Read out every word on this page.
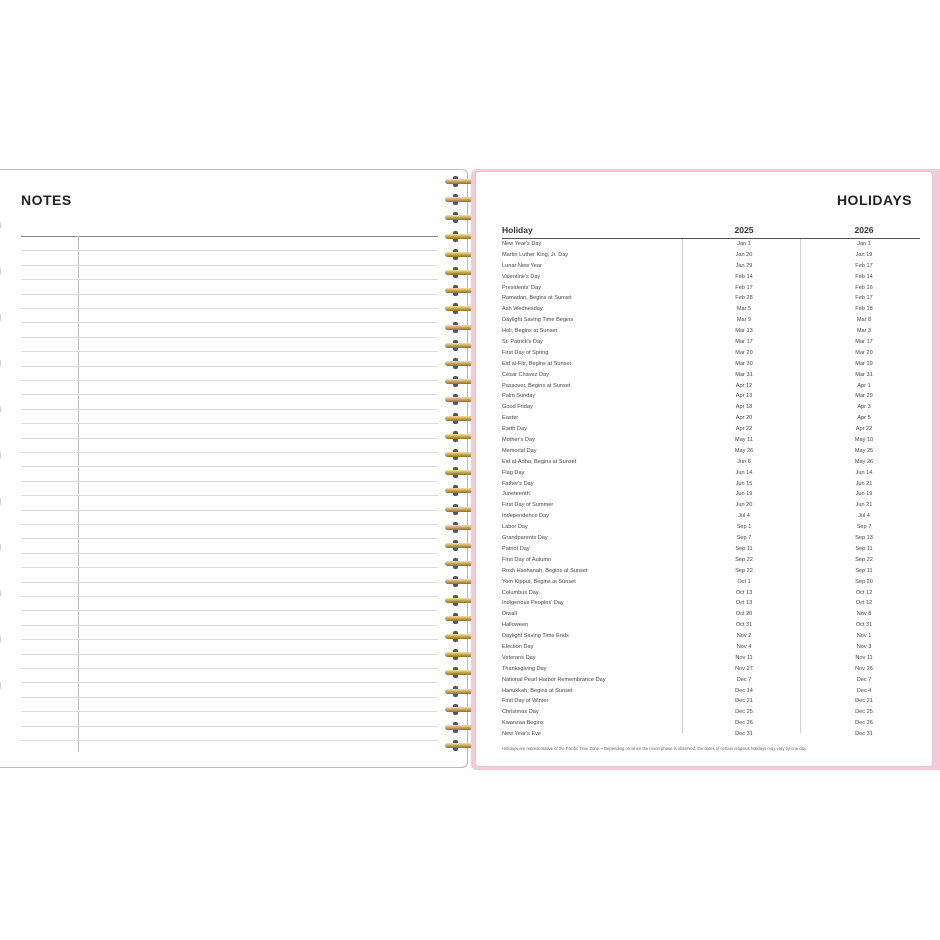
NOTES	HOLIDAYS
Holiday	2025	2026
New Year's Day	Jan 1	Jan 1
Martin Luther King, Jr. Day	Jan 20	Jan 19
Lunar New Year	Jan 29	Feb 17
Valentine's Day	Feb 14	Feb 14
Presidents' Day	Feb 17	Feb 16
Ramadan, Begins at Sunset	Feb 28	Feb 17
Ash Wednesday	Mar 5	Feb 18
Daylight Saving Time Begins	Mar 9	Mar 8
Holi, Begins at Sunset	Mar 13	Mar 3
St. Patrick's Day	Mar 17	Mar 17
First Day of Spring	Mar 20	Mar 20
Eid al-Fitr, Begins at Sunset	Mar 30	Mar 19
César Chávez Day	Mar 31	Mar 31
Passover, Begins at Sunset	Apr 12	Apr 1
Palm Sunday	Apr 13	Mar 29
Good Friday	Apr 18	Apr 3
Easter	Apr 20	Apr 5
Earth Day	Apr 22	Apr 22
Mother's Day	May 11	May 10
Memorial Day	May 26	May 25
Eid al-Adha, Begins at Sunset	Jun 6	May 26
Flag Day	Jun 14	Jun 14
Father's Day	Jun 15	Jun 21
Juneteenth	Jun 19	Jun 19
First Day of Summer	Jun 20	Jun 21
Independence Day	Jul 4	Jul 4
Labor Day	Sep 1	Sep 7
Grandparents Day	Sep 7	Sep 13
Patriot Day	Sep 11	Sep 11
First Day of Autumn	Sep 22	Sep 22
Rosh Hashanah, Begins at Sunset	Sep 22	Sep 11
Yom Kippur, Begins at Sunset	Oct 1	Sep 20
Columbus Day	Oct 13	Oct 12
Indigenous Peoples' Day	Oct 13	Oct 12
Diwali	Oct 20	Nov 8
Halloween	Oct 31	Oct 31
Daylight Saving Time Ends	Nov 2	Nov 1
Election Day	Nov 4	Nov 3
Veterans Day	Nov 11	Nov 11
Thanksgiving Day	Nov 27	Nov 26
National Pearl Harbor Remembrance Day	Dec 7	Dec 7
Hanukkah, Begins at Sunset	Dec 14	Dec 4
First Day of Winter	Dec 21	Dec 21
Christmas Day	Dec 25	Dec 25
Kwanzaa Begins	Dec 26	Dec 26
New Year's Eve	Dec 31	Dec 31
Holidays are representative of the Pacific Time Zone. • Depending on when the moon phase is observed, the dates of certain religious holidays may vary by one day.
